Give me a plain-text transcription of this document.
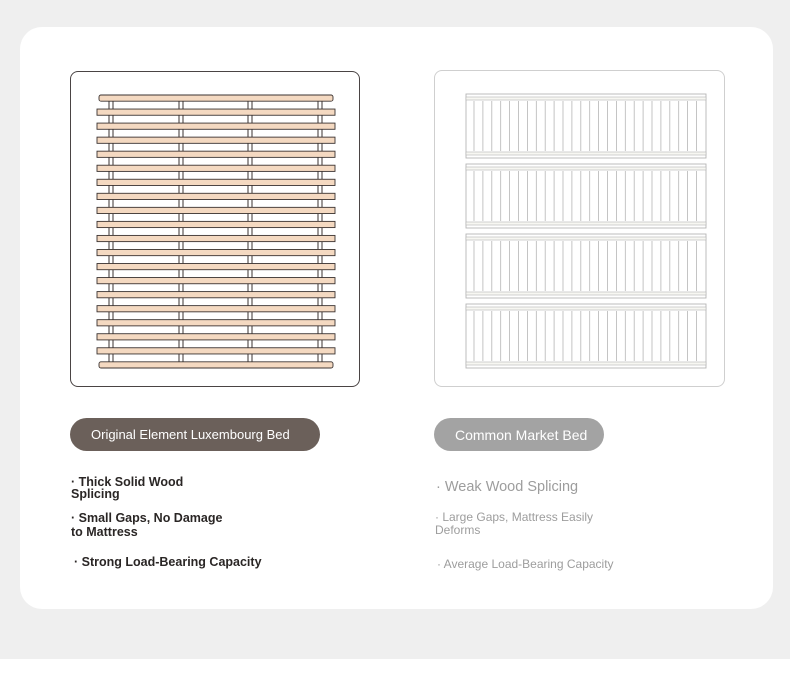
Original Element Luxembourg Bed	Common Market Bed
· Thick Solid Wood
Splicing
· Small Gaps, No Damage
to Mattress
· Strong Load-Bearing Capacity
· Weak Wood Splicing
· Large Gaps, Mattress Easily
Deforms
· Average Load-Bearing Capacity
